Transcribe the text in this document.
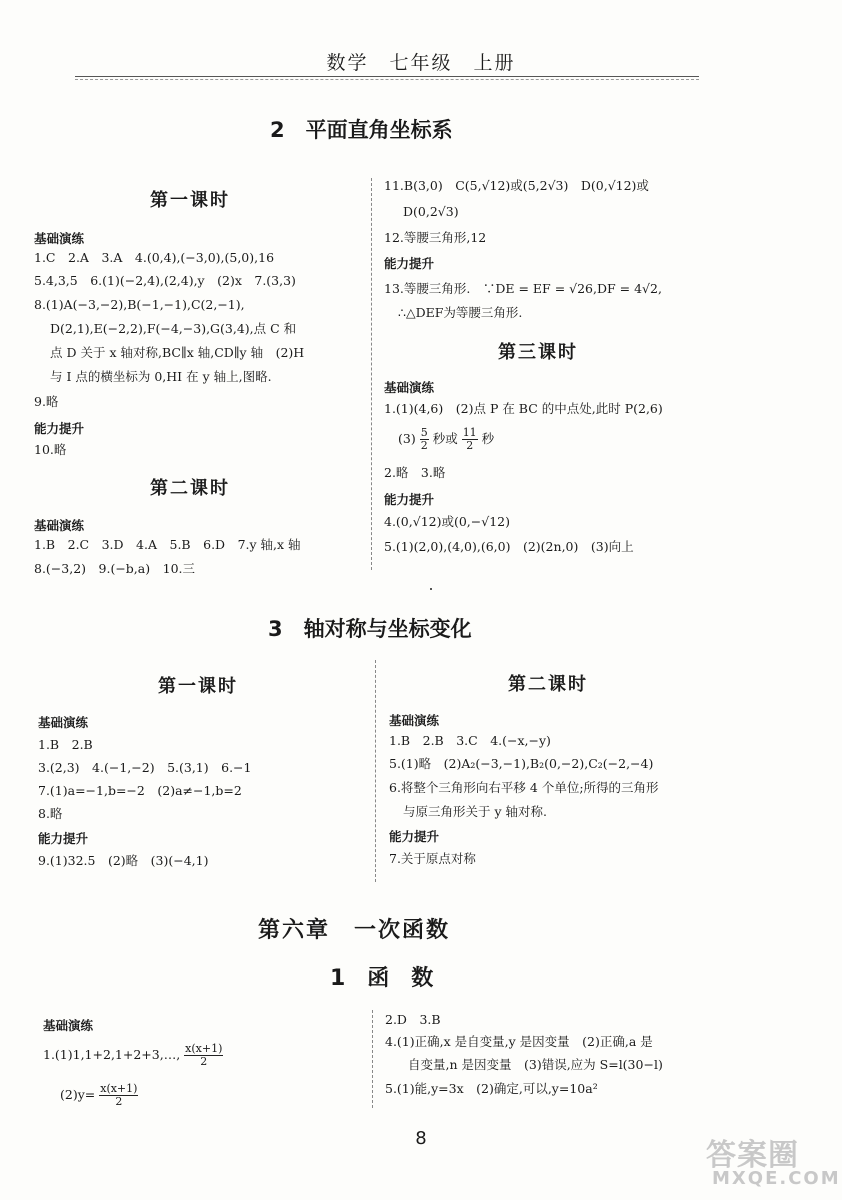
数学　七年级　上册
2　平面直角坐标系
第一课时
基础演练
1.C　2.A　3.A　4.(0,4),(−3,0),(5,0),16
5.4,3,5　6.(1)(−2,4),(2,4),y　(2)x　7.(3,3)
8.(1)A(−3,−2),B(−1,−1),C(2,−1),
D(2,1),E(−2,2),F(−4,−3),G(3,4),点 C 和
点 D 关于 x 轴对称,BC∥x 轴,CD∥y 轴　(2)H
与 I 点的横坐标为 0,HI 在 y 轴上,图略.
9.略
能力提升
10.略
第二课时
基础演练
1.B　2.C　3.D　4.A　5.B　6.D　7.y 轴,x 轴
8.(−3,2)　9.(−b,a)　10.三
11.B(3,0)　C(5,√12)或(5,2√3)　D(0,√12)或
D(0,2√3)
12.等腰三角形,12
能力提升
13.等腰三角形.　∵DE = EF = √26,DF = 4√2,
∴△DEF为等腰三角形.
第三课时
基础演练
1.(1)(4,6)　(2)点 P 在 BC 的中点处,此时 P(2,6)
$(3) \frac{5}{2}$ 秒或 $\frac{11}{2}$ 秒
2.略　3.略
能力提升
4.(0,√12)或(0,−√12)
5.(1)(2,0),(4,0),(6,0)　(2)(2n,0)　(3)向上
3　轴对称与坐标变化
第一课时
基础演练
1.B　2.B
3.(2,3)　4.(−1,−2)　5.(3,1)　6.−1
7.(1)a=−1,b=−2　(2)a≠−1,b=2
8.略
能力提升
9.(1)32.5　(2)略　(3)(−4,1)
第二课时
基础演练
1.B　2.B　3.C　4.(−x,−y)
5.(1)略　(2)A₂(−3,−1),B₂(0,−2),C₂(−2,−4)
6.将整个三角形向右平移 4 个单位;所得的三角形
与原三角形关于 y 轴对称.
能力提升
7.关于原点对称
第六章　一次函数
1　函　数
基础演练
1.(1)1,1+2,1+2+3,…, $\frac{x(x+1)}{2}$
$(2)y= \frac{x(x+1)}{2}$
2.D　3.B
4.(1)正确,x 是自变量,y 是因变量　(2)正确,a 是
自变量,n 是因变量　(3)错误,应为 S=l(30−l)
5.(1)能,y=3x　(2)确定,可以,y=10a²
8	答案圈
MXQE.COM
